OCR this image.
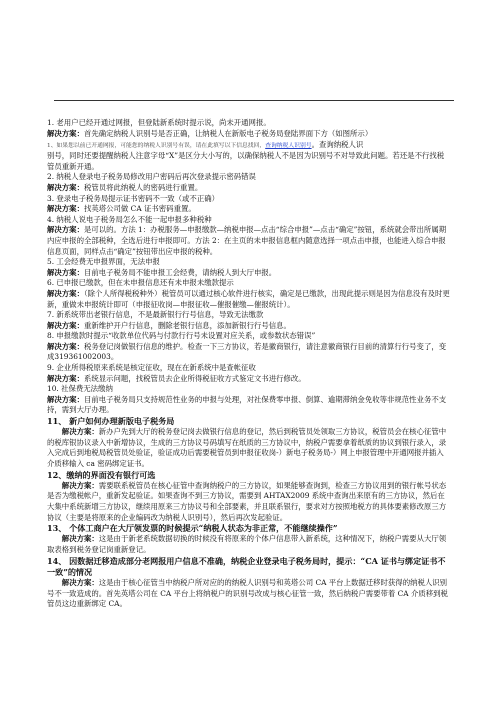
1. 老用户已经开通过网报，但登陆新系统时提示说，尚未开通网报。

解决方案：首先确定纳税人识别号是否正确，让纳税人在新版电子税务局登陆界面下方（如图所示）

1、如果您以前已开通网报，可能您的纳税人识别号有误，请在此填写以下信息找回，查询纳税人识别号。查询纳税人识

别号，同时还要提醒纳税人注意字母“X”是区分大小写的，以确保纳税人不是因为识别号不对导致此问题。若还是不行找税管员重新开通。

2. 纳税人登录电子税务局修改用户密码后再次登录提示密码错误

解决方案：税管员将此纳税人的密码进行重置。

3. 登录电子税务局提示证书密码不一致（或不正确）

解决方案：找英塔公司做 CA 证书密码重置。

4. 纳税人说电子税务局怎么不能一起申报多种税种

解决方案：是可以的。方法 1：办税服务—申报缴款—纳税申报—点击“综合申报”—点击“确定”按钮，系统就会带出所属期内应申报的全部税种，全选后进行申报即可。方法 2：在主页的未申报信息框内随意选择一项点击申报，也能进入综合申报信息页面，同样点击“确定”按钮带出应申报的税种。

5. 工会经费无申报界面，无法申报

解决方案：目前电子税务局不能申报工会经费，请纳税人到大厅申报。

6. 已申报已缴款，但在未申报信息还有未申报未缴款提示

解决方案：（除个人所得税税种外）税管员可以通过核心软件进行核实，确定是已缴款，出现此提示则是因为信息没有及时更新，重做未申报统计即可（申报征收岗—申报征收—催报催缴—催报统计）。

7. 新系统带出老银行信息，不是最新银行行号信息，导致无法缴款

解决方案：重新维护开户行信息，删除老银行信息，添加新银行行号信息。

8. 申报缴款时提示“收款单位代码与付款行行号未设置对应关系，或参数状态错误”

解决方案：税务登记岗做银行信息的维护。检查一下三方协议，若是徽商银行，请注意徽商银行目前的清算行行号变了，变成319361002003。

9. 企业所得税原来系统是核定征收，现在在新系统中是查帐征收

解决方案：系统显示问题，找税管员去企业所得税征收方式鉴定文书进行修改。

10. 社保费无法缴纳

解决方案：目前电子税务局只支持规范性业务的申报与处理，对社保费零申报、倒算、逾期滞纳金免收等非规范性业务不支持，需到大厅办理。

11、 新户如何办理新版电子税务局

解决方案：新办户先到大厅的税务登记岗去做银行信息的登记，然后到税管员处领取三方协议，税管员会在核心征管中的税库银协议录入中新增协议，生成的三方协议号码填写在纸质的三方协议中，纳税户需要拿着纸质的协议到银行录入，录入完成后到地税局税管员处验证，验证成功后需要税管员到申报征收岗-）新电子税务局-）网上申报管理中开通网报并插入介质移输入 ca 密码绑定证书。

12、缴纳的界面没有银行可选

解决方案：需要联系税管员在核心征管中查询纳税户的三方协议，如果能够查询到，检查三方协议用到的银行帐号状态是否为缴税帐户，重新发起验证。如果查询不到三方协议，需要到 AHTAX2009 系统中查询出来原有的三方协议，然后在大集中系统新增三方协议，继续用原来三方协议号和全部要素，并且联系银行，要求对方按照地税方的具体要素修改原三方协议（主要是将原来的企业编码改为纳税人识别号），然后再次发起验证。

13、 个体工商户在大厅领发票的时候提示“纳税人状态为非正常，不能继续操作”

解决方案：这是由于新老系统数据切换的时候没有将原来的个体户信息带入新系统，这种情况下，纳税户需要从大厅领取表格到税务登记岗重新登记。

14、 因数据迁移造成部分老网报用户信息不准确，纳税企业登录电子税务局时，提示：“CA 证书与绑定证书不一致”的情况

解决方案：这是由于核心征管当中纳税户所对应的的纳税人识别号和英塔公司 CA 平台上数据迁移时获得的纳税人识别号不一致造成的。首先英塔公司在 CA 平台上将纳税户的识别号改成与核心征管一致，然后纳税户需要带着 CA 介质移到税管员这边重新绑定 CA。
